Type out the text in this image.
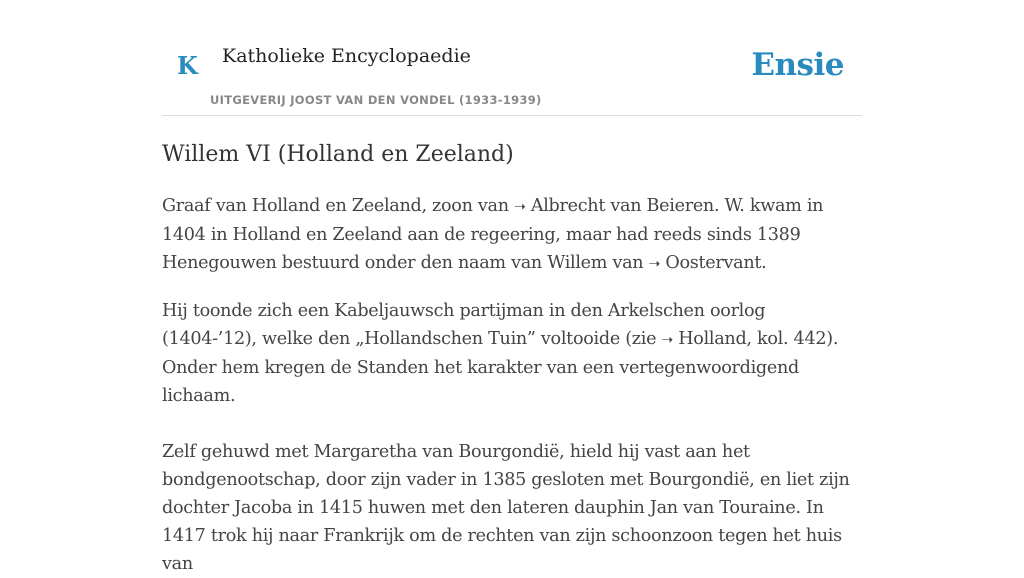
K Katholieke Encyclopaedie
UITGEVERIJ JOOST VAN DEN VONDEL (1933-1939)
Ensie
Willem VI (Holland en Zeeland)

Graaf van Holland en Zeeland, zoon van ➝ Albrecht van Beieren. W. kwam in 1404 in Holland en Zeeland aan de regeering, maar had reeds sinds 1389 Henegouwen bestuurd onder den naam van Willem van ➝ Oostervant.

Hij toonde zich een Kabeljauwsch partijman in den Arkelschen oorlog (1404-’12), welke den „Hollandschen Tuin” voltooide (zie ➝ Holland, kol. 442). Onder hem kregen de Standen het karakter van een vertegenwoordigend lichaam.

Zelf gehuwd met Margaretha van Bourgondië, hield hij vast aan het bondgenootschap, door zijn vader in 1385 gesloten met Bourgondië, en liet zijn dochter Jacoba in 1415 huwen met den lateren dauphin Jan van Touraine. In 1417 trok hij naar Frankrijk om de rechten van zijn schoonzoon tegen het huis van
